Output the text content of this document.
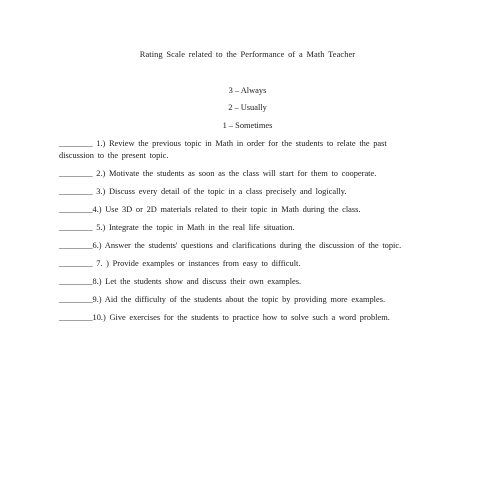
Rating Scale related to the Performance of a Math Teacher
3 – Always
2 – Usually
1 – Sometimes
________ 1.) Review the previous topic in Math in order for the students to relate the past
discussion to the present topic.
________ 2.) Motivate the students as soon as the class will start for them to cooperate.
________ 3.) Discuss every detail of the topic in a class precisely and logically.
________4.) Use 3D or 2D materials related to their topic in Math during the class.
________ 5.) Integrate the topic in Math in the real life situation.
________6.) Answer the students' questions and clarifications during the discussion of the topic.
________ 7. ) Provide examples or instances from easy to difficult.
________8.) Let the students show and discuss their own examples.
________9.) Aid the difficulty of the students about the topic by providing more examples.
________10.) Give exercises for the students to practice how to solve such a word problem.
